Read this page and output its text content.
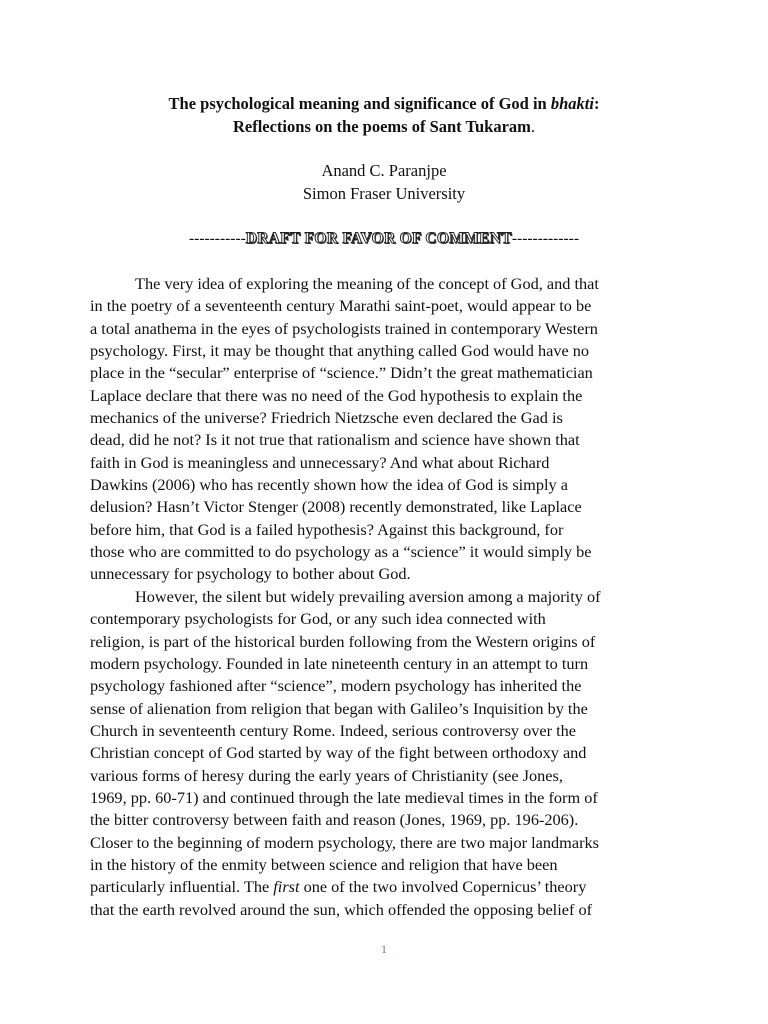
The psychological meaning and significance of God in bhakti:
Reflections on the poems of Sant Tukaram.
Anand C. Paranjpe
Simon Fraser University
-----------DRAFT FOR FAVOR OF COMMENT-------------
The very idea of exploring the meaning of the concept of God, and that
in the poetry of a seventeenth century Marathi saint-poet, would appear to be
a total anathema in the eyes of psychologists trained in contemporary Western
psychology. First, it may be thought that anything called God would have no
place in the “secular” enterprise of “science.” Didn’t the great mathematician
Laplace declare that there was no need of the God hypothesis to explain the
mechanics of the universe? Friedrich Nietzsche even declared the Gad is
dead, did he not? Is it not true that rationalism and science have shown that
faith in God is meaningless and unnecessary? And what about Richard
Dawkins (2006) who has recently shown how the idea of God is simply a
delusion? Hasn’t Victor Stenger (2008) recently demonstrated, like Laplace
before him, that God is a failed hypothesis? Against this background, for
those who are committed to do psychology as a “science” it would simply be
unnecessary for psychology to bother about God.
However, the silent but widely prevailing aversion among a majority of
contemporary psychologists for God, or any such idea connected with
religion, is part of the historical burden following from the Western origins of
modern psychology. Founded in late nineteenth century in an attempt to turn
psychology fashioned after “science”, modern psychology has inherited the
sense of alienation from religion that began with Galileo’s Inquisition by the
Church in seventeenth century Rome. Indeed, serious controversy over the
Christian concept of God started by way of the fight between orthodoxy and
various forms of heresy during the early years of Christianity (see Jones,
1969, pp. 60-71) and continued through the late medieval times in the form of
the bitter controversy between faith and reason (Jones, 1969, pp. 196-206).
Closer to the beginning of modern psychology, there are two major landmarks
in the history of the enmity between science and religion that have been
particularly influential. The first one of the two involved Copernicus’ theory
that the earth revolved around the sun, which offended the opposing belief of
1
